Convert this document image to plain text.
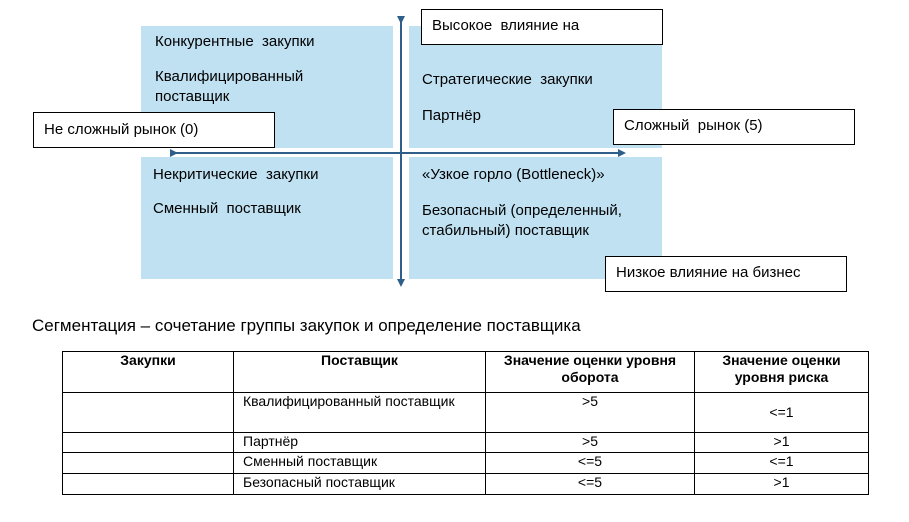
Конкурентные  закупки
Квалифицированный поставщик
Стратегические  закупки
Партнёр
Некритические  закупки
Сменный  поставщик
«Узкое горло (Bottleneck)»
Безопасный (определенный, стабильный) поставщик
Высокое  влияние на
Не сложный рынок (0)	Сложный  рынок (5)
Низкое влияние на бизнес
Сегментация – сочетание группы закупок и определение поставщика
Закупки	Поставщик	Значение оценки уровня оборота	Значение оценки уровня риска
	Квалифицированный поставщик	>5	<=1
	Партнёр	>5	>1
	Сменный поставщик	<=5	<=1
	Безопасный поставщик	<=5	>1
